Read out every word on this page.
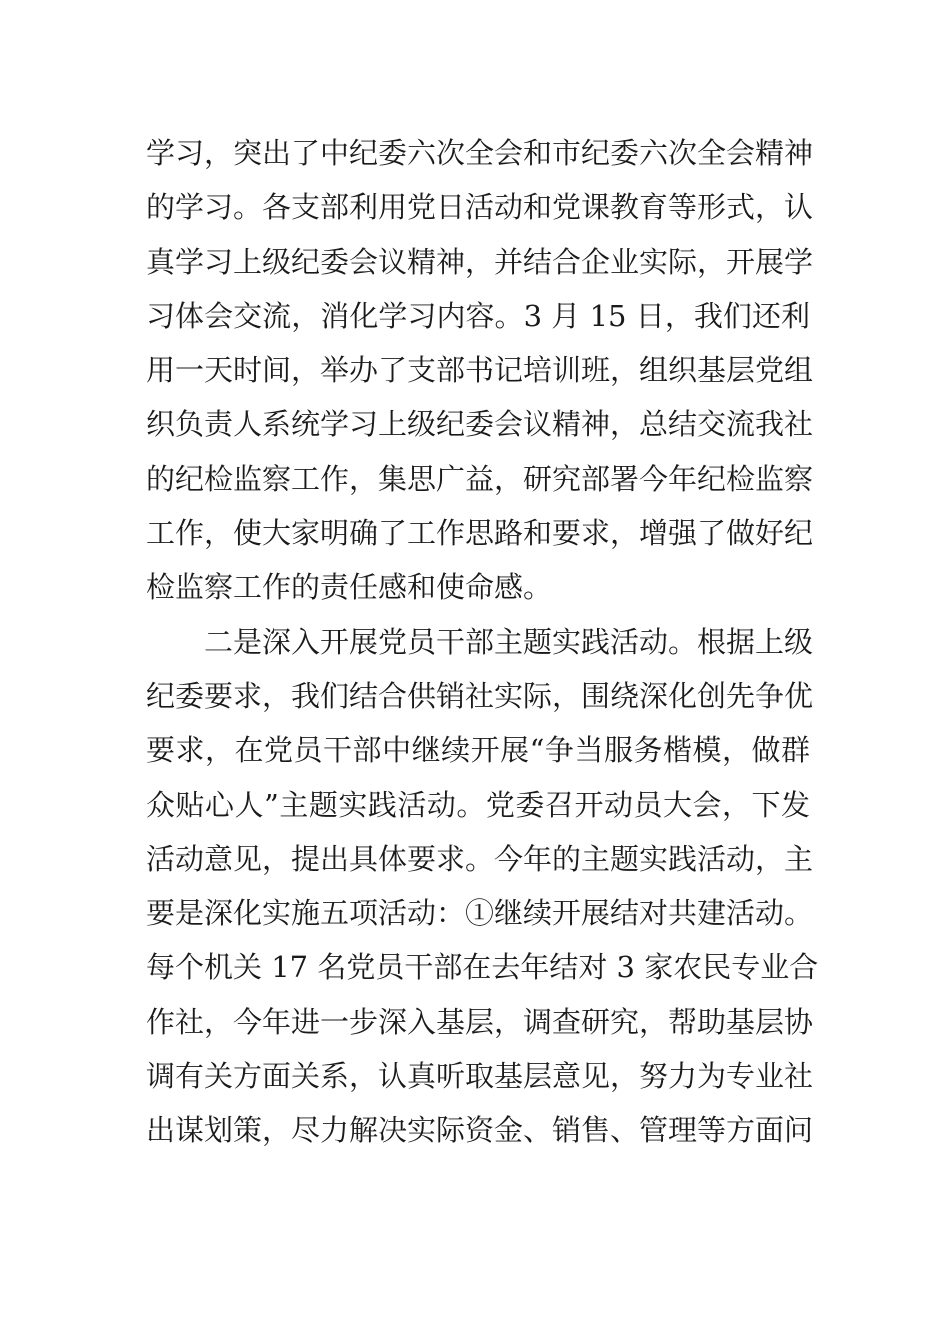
学习，突出了中纪委六次全会和市纪委六次全会精神
的学习。各支部利用党日活动和党课教育等形式，认
真学习上级纪委会议精神，并结合企业实际，开展学
习体会交流，消化学习内容。3 月 15 日，我们还利
用一天时间，举办了支部书记培训班，组织基层党组
织负责人系统学习上级纪委会议精神，总结交流我社
的纪检监察工作，集思广益，研究部署今年纪检监察
工作，使大家明确了工作思路和要求，增强了做好纪
检监察工作的责任感和使命感。
二是深入开展党员干部主题实践活动。根据上级
纪委要求，我们结合供销社实际，围绕深化创先争优
要求，在党员干部中继续开展“争当服务楷模，做群
众贴心人”主题实践活动。党委召开动员大会，下发
活动意见，提出具体要求。今年的主题实践活动，主
要是深化实施五项活动：①继续开展结对共建活动。
每个机关 17 名党员干部在去年结对 3 家农民专业合
作社，今年进一步深入基层，调查研究，帮助基层协
调有关方面关系，认真听取基层意见，努力为专业社
出谋划策，尽力解决实际资金、销售、管理等方面问
